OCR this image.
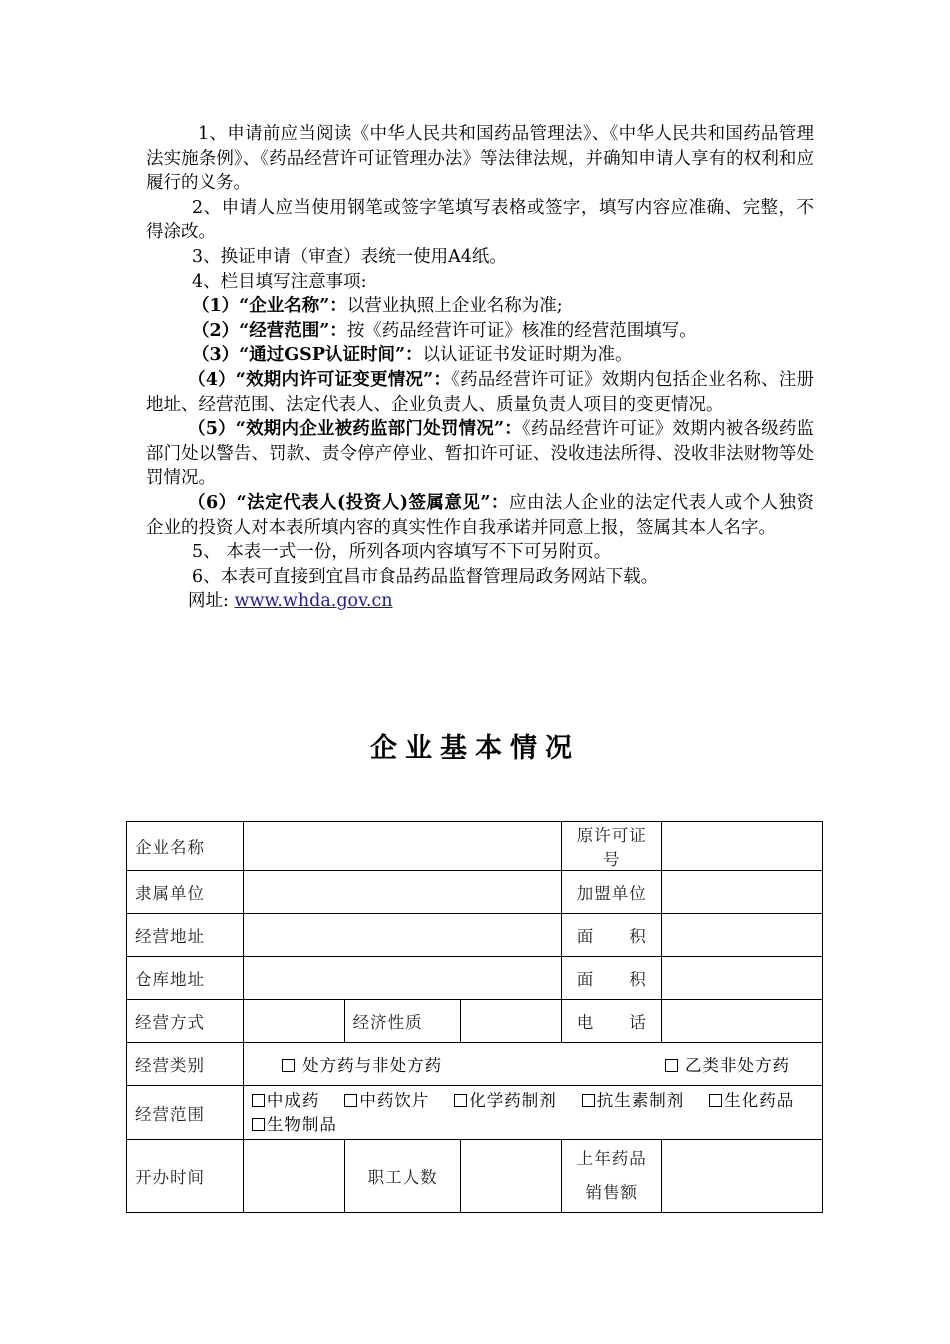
1、申请前应当阅读《中华人民共和国药品管理法》、《中华人民共和国药品管理法实施条例》、《药品经营许可证管理办法》等法律法规，并确知申请人享有的权利和应履行的义务。

2、申请人应当使用钢笔或签字笔填写表格或签字，填写内容应准确、完整，不得涂改。

3、换证申请（审查）表统一使用A4纸。

4、栏目填写注意事项:

（1）“企业名称”：以营业执照上企业名称为准;

（2）“经营范围”：按《药品经营许可证》核准的经营范围填写。

（3）“通过GSP认证时间”：以认证证书发证时期为准。

（4）“效期内许可证变更情况”：《药品经营许可证》效期内包括企业名称、注册地址、经营范围、法定代表人、企业负责人、质量负责人项目的变更情况。

（5）“效期内企业被药监部门处罚情况”：《药品经营许可证》效期内被各级药监部门处以警告、罚款、责令停产停业、暂扣许可证、没收违法所得、没收非法财物等处罚情况。

（6）“法定代表人(投资人)签属意见”：应由法人企业的法定代表人或个人独资企业的投资人对本表所填内容的真实性作自我承诺并同意上报，签属其本人名字。

5、 本表一式一份，所列各项内容填写不下可另附页。

6、本表可直接到宜昌市食品药品监督管理局政务网站下载。

网址: www.whda.gov.cn

企业基本情况
企业名称				原许可证号	
隶属单位				加盟单位	
经营地址				面　　积	
仓库地址				面　　积	
经营方式		经济性质		电　　话	
经营类别	处方药与非处方药 乙类非处方药				

经营范围	中成药 中药饮片 化学药制剂 抗生素制剂 生化药品    生物制品				
开办时间		职工人数		上年药品
销售额	
